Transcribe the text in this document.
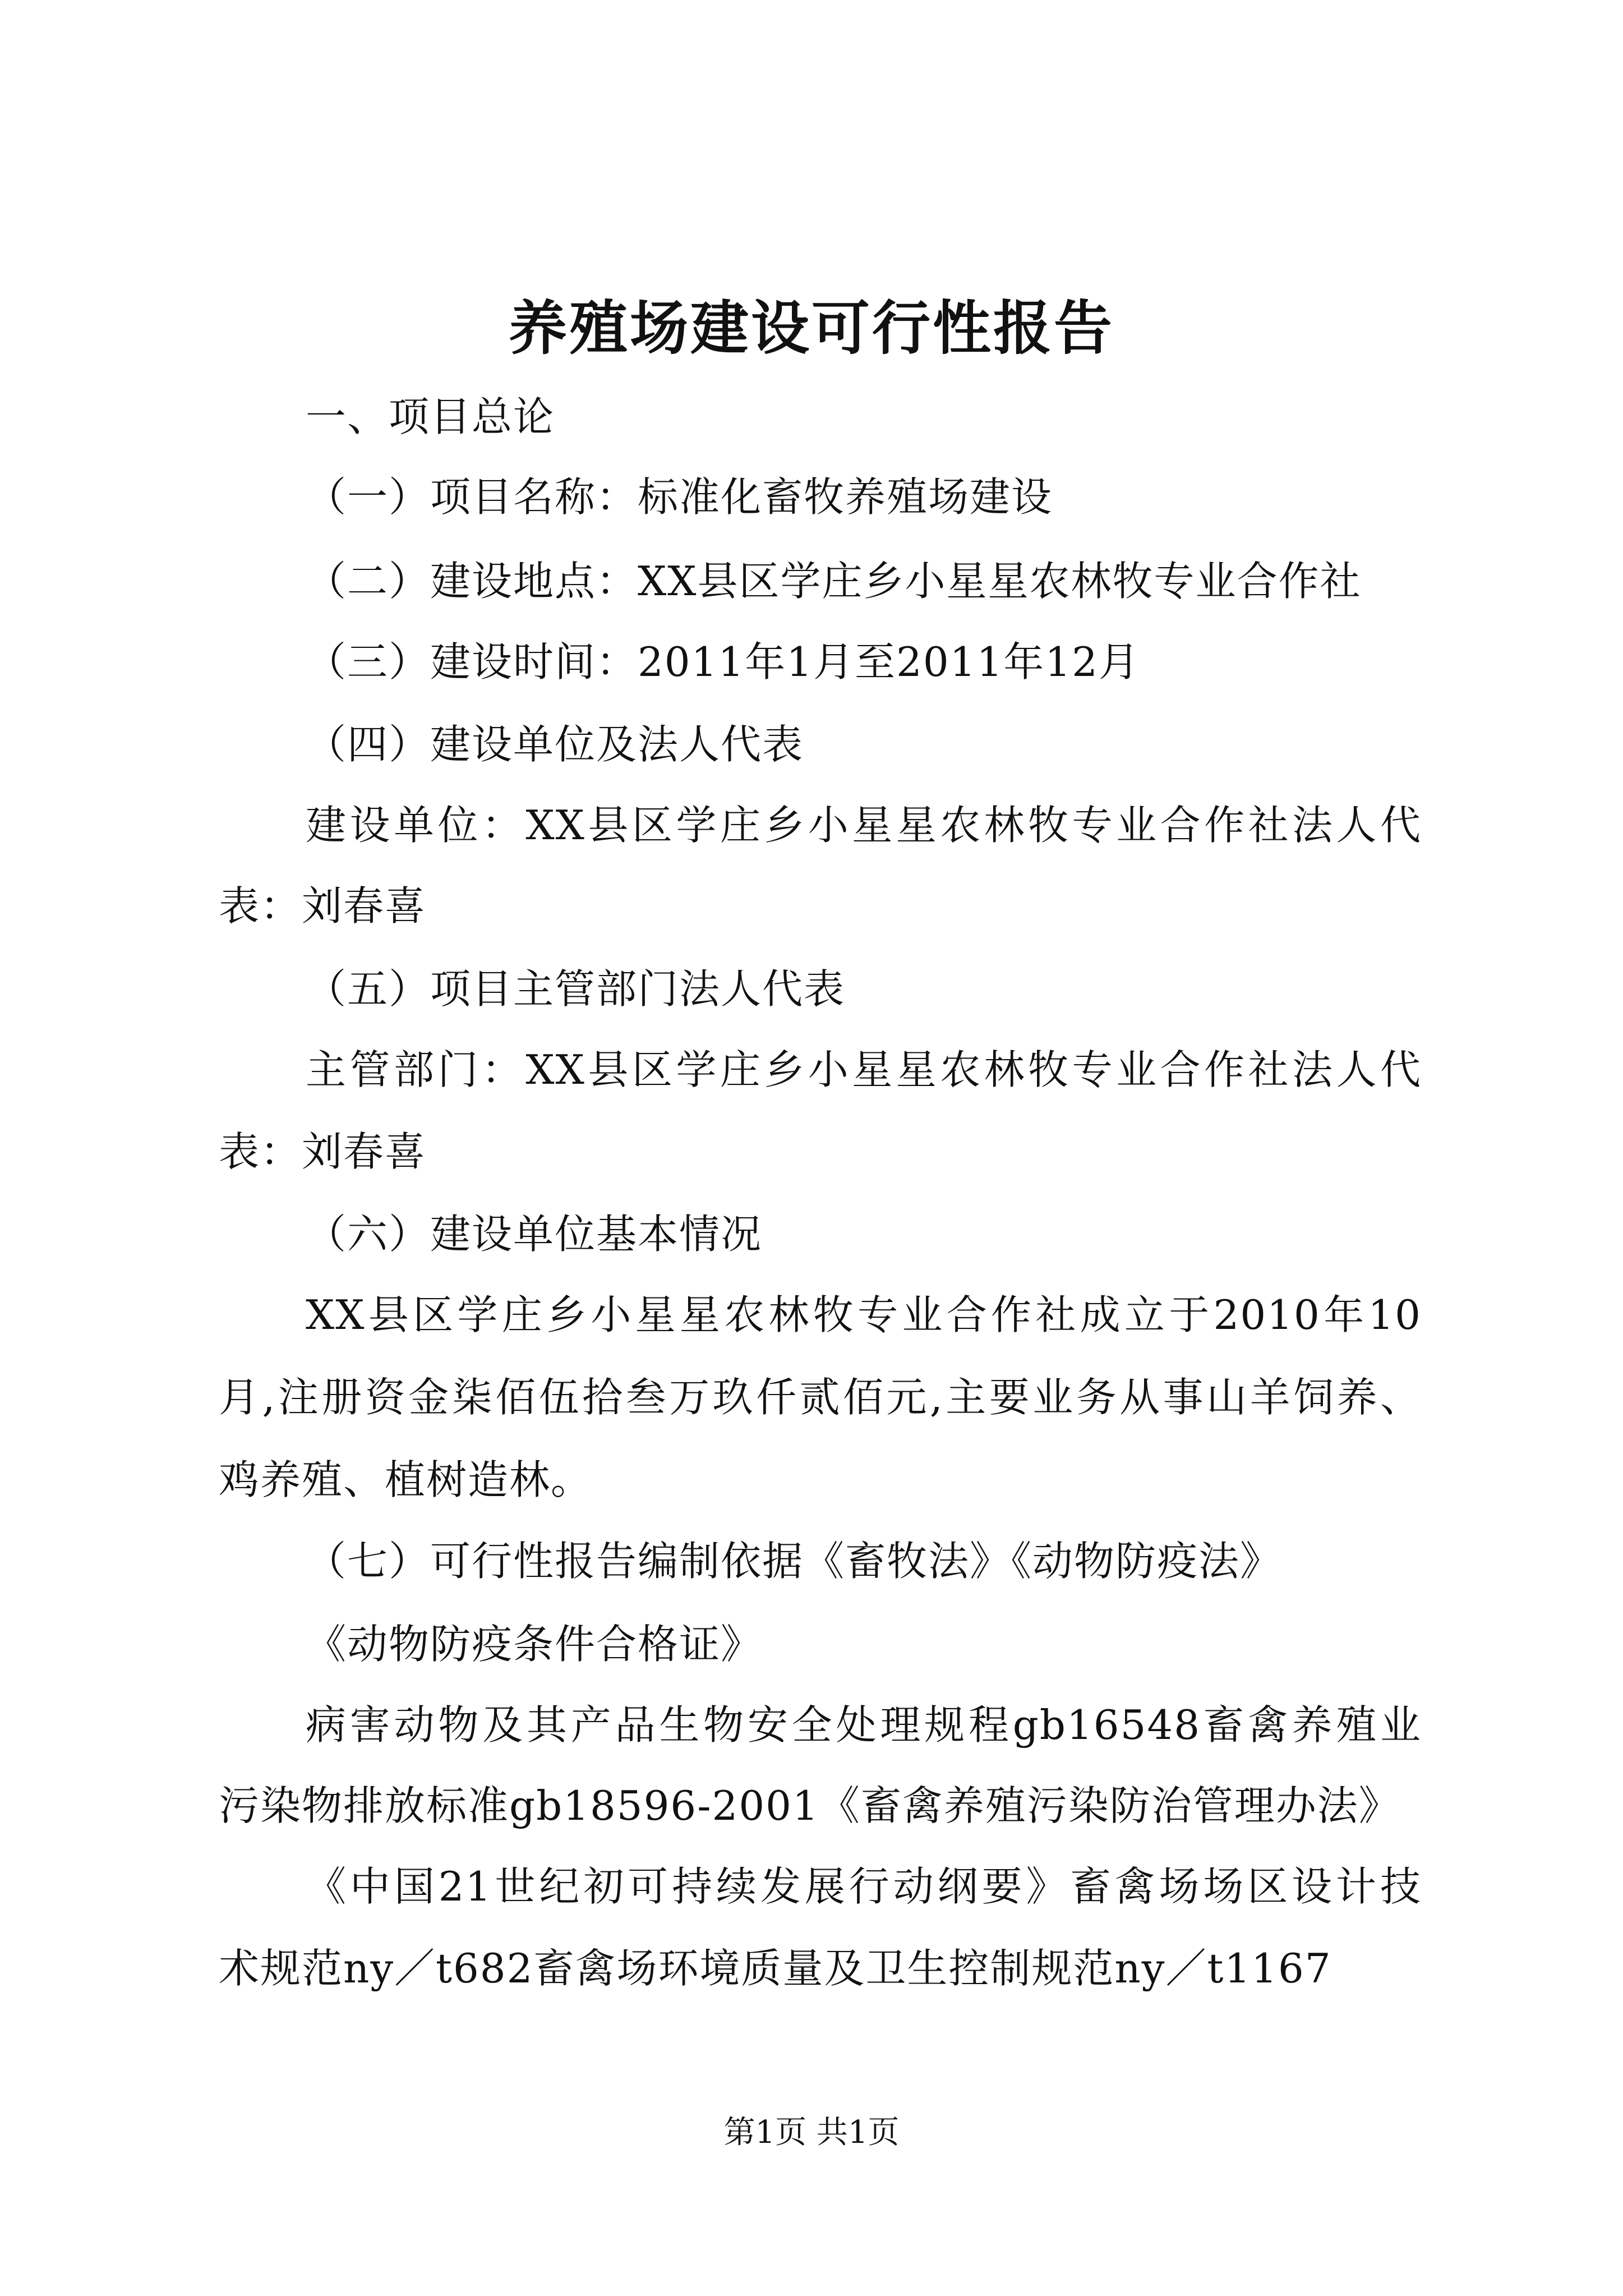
养殖场建设可行性报告
一、项目总论
（一）项目名称：标准化畜牧养殖场建设
（二）建设地点：XX县区学庄乡小星星农林牧专业合作社
（三）建设时间：2011年1月至2011年12月
（四）建设单位及法人代表
建设单位：XX县区学庄乡小星星农林牧专业合作社法人代
表：刘春喜
（五）项目主管部门法人代表
主管部门：XX县区学庄乡小星星农林牧专业合作社法人代
表：刘春喜
（六）建设单位基本情况
XX县区学庄乡小星星农林牧专业合作社成立于2010年10
月,注册资金柒佰伍拾叁万玖仟贰佰元,主要业务从事山羊饲养、
鸡养殖、植树造林。
（七）可行性报告编制依据《畜牧法》《动物防疫法》
《动物防疫条件合格证》
病害动物及其产品生物安全处理规程gb16548畜禽养殖业
污染物排放标准gb18596-2001《畜禽养殖污染防治管理办法》
《中国21世纪初可持续发展行动纲要》畜禽场场区设计技
术规范ny／t682畜禽场环境质量及卫生控制规范ny／t1167
第1页 共1页
